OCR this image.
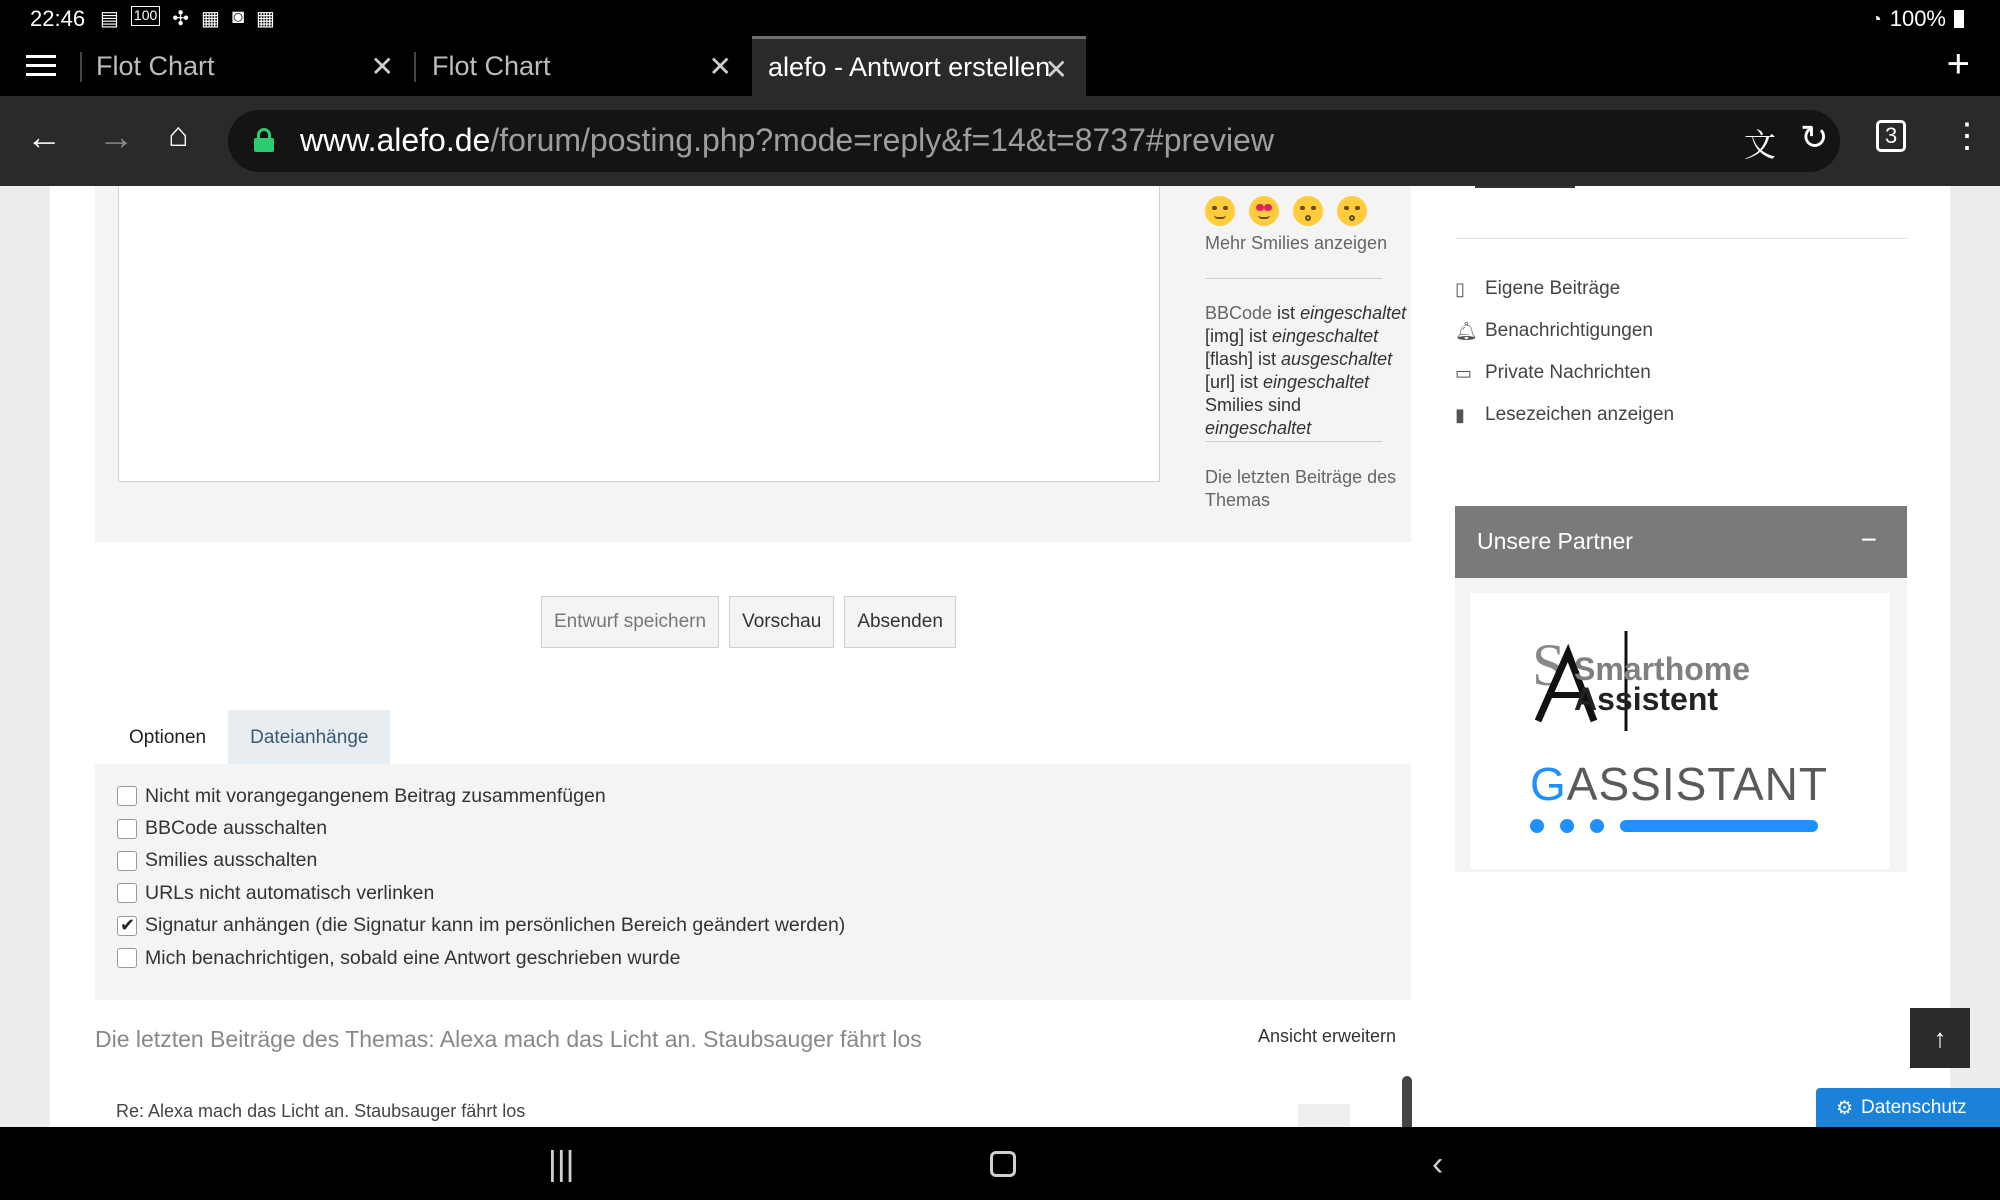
22:46 ▤ 100 ✣ ▦ ◙ ▦	◔ 100%
Flot Chart	✕ Flot Chart	✕ alefo - Antwort erstellen
✕	+
← → ⌂	www.alefo.de/forum/posting.php?mode=reply&f=14&t=8737#preview	文 ↻	3 ⋮
Mehr Smilies anzeigen
BBCode ist eingeschaltet
[img] ist eingeschaltet
[flash] ist ausgeschaltet
[url] ist eingeschaltet
Smilies sind eingeschaltet
Die letzten Beiträge des Themas
Entwurf speichern	Vorschau	Absenden
Optionen	Dateianhänge
Nicht mit vorangegangenem Beitrag zusammenfügen
BBCode ausschalten
Smilies ausschalten
URLs nicht automatisch verlinken
✔
Signatur anhängen (die Signatur kann im persönlichen Bereich geändert werden)
Mich benachrichtigen, sobald eine Antwort geschrieben wurde
Die letzten Beiträge des Themas: Alexa mach das Licht an. Staubsauger fährt los	Ansicht erweitern
Re: Alexa mach das Licht an. Staubsauger fährt los
▯	Eigene Beiträge
🔔︎ Benachrichtigungen
▭ Private Nachrichten
▮	Lesezeichen anzeigen
Unsere Partner	−
S Smarthome
Assistent
GASSISTANT
↑
⚙ Datenschutz
|||	‹
